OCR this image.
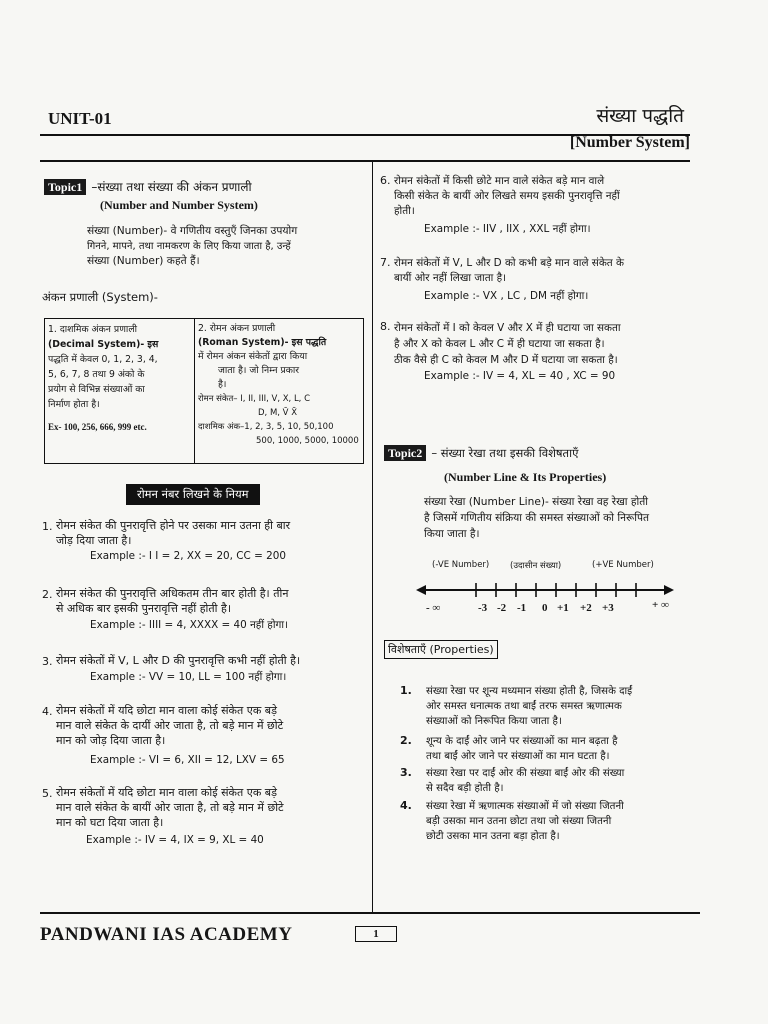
UNIT-01	संख्या पद्धति
[Number System]
Topic1 –संख्या तथा संख्या की अंकन प्रणाली
(Number and Number System)
संख्या (Number)- वे गणितीय वस्तुएँ जिनका उपयोग
गिनने, मापने, तथा नामकरण के लिए किया जाता है, उन्हें
संख्या (Number) कहते हैं।
अंकन प्रणाली (System)-
1. दाशमिक अंकन प्रणाली
(Decimal System)- इस
पद्धति में केवल 0, 1, 2, 3, 4,
5, 6, 7, 8 तथा 9 अंको के
प्रयोग से विभिन्न संख्याओं का
निर्माण होता है।
Ex- 100, 256, 666, 999 etc.
2. रोमन अंकन प्रणाली
(Roman System)- इस पद्धति
में रोमन अंकन संकेतों द्वारा किया
जाता है। जो निम्न प्रकार
है।
रोमन संकेत– I, II, III, V, X, L, C
D, M, V̄ X̄
दाशमिक अंक–1, 2, 3, 5, 10, 50,100
500, 1000, 5000, 10000
रोमन नंबर लिखने के नियम
1. रोमन संकेत की पुनरावृत्ति होने पर उसका मान उतना ही बार
जोड़ दिया जाता है।
Example :- I I = 2, XX = 20, CC = 200
2. रोमन संकेत की पुनरावृत्ति अधिकतम तीन बार होती है। तीन
से अधिक बार इसकी पुनरावृत्ति नहीं होती है।
Example :- IIII = 4, XXXX = 40 नहीं होगा।
3. रोमन संकेतों में V, L और D की पुनरावृत्ति कभी नहीं होती है।
Example :- VV = 10, LL = 100 नहीं होगा।
4. रोमन संकेतों में यदि छोटा मान वाला कोई संकेत एक बड़े
मान वाले संकेत के दायीं ओर जाता है, तो बड़े मान में छोटे
मान को जोड़ दिया जाता है।
Example :- VI = 6, XII = 12, LXV = 65
5. रोमन संकेतों में यदि छोटा मान वाला कोई संकेत एक बड़े
मान वाले संकेत के बायीं ओर जाता है, तो बड़े मान में छोटे
मान को घटा दिया जाता है।
Example :- IV = 4, IX = 9, XL = 40
6. रोमन संकेतों में किसी छोटे मान वाले संकेत बड़े मान वाले
किसी संकेत के बायीं ओर लिखते समय इसकी पुनरावृत्ति नहीं
होती।
Example :- IIV , IIX , XXL नहीं होगा।
7. रोमन संकेतों में V, L और D को कभी बड़े मान वाले संकेत के
बायीं ओर नहीं लिखा जाता है।
Example :- VX , LC , DM नहीं होगा।
8. रोमन संकेतों में I को केवल V और X में ही घटाया जा सकता
है और X को केवल L और C में ही घटाया जा सकता है।
ठीक वैसे ही C को केवल M और D में घटाया जा सकता है।
Example :- IV = 4, XL = 40 , XC = 90
Topic2 – संख्या रेखा तथा इसकी विशेषताएँ
(Number Line & Its Properties)
संख्या रेखा (Number Line)- संख्या रेखा वह रेखा होती
है जिसमें गणितीय संक्रिया की समस्त संख्याओं को निरूपित
किया जाता है।
(-VE Number) (उदासीन संख्या)	(+VE Number)
- ∞	-3 -2 -1 0 +1 +2 +3	+ ∞
विशेषताएँ (Properties)
1. संख्या रेखा पर शून्य मध्यमान संख्या होती है, जिसके दाईं
ओर समस्त धनात्मक तथा बाईं तरफ समस्त ऋणात्मक
संख्याओं को निरूपित किया जाता है।
2. शून्य के दाईं ओर जाने पर संख्याओं का मान बढ़ता है
तथा बाईं ओर जाने पर संख्याओं का मान घटता है।
3. संख्या रेखा पर दाईं ओर की संख्या बाईं ओर की संख्या
से सदैव बड़ी होती है।
4. संख्या रेखा में ऋणात्मक संख्याओं में जो संख्या जितनी
बड़ी उसका मान उतना छोटा तथा जो संख्या जितनी
छोटी उसका मान उतना बड़ा होता है।
PANDWANI IAS ACADEMY	1
